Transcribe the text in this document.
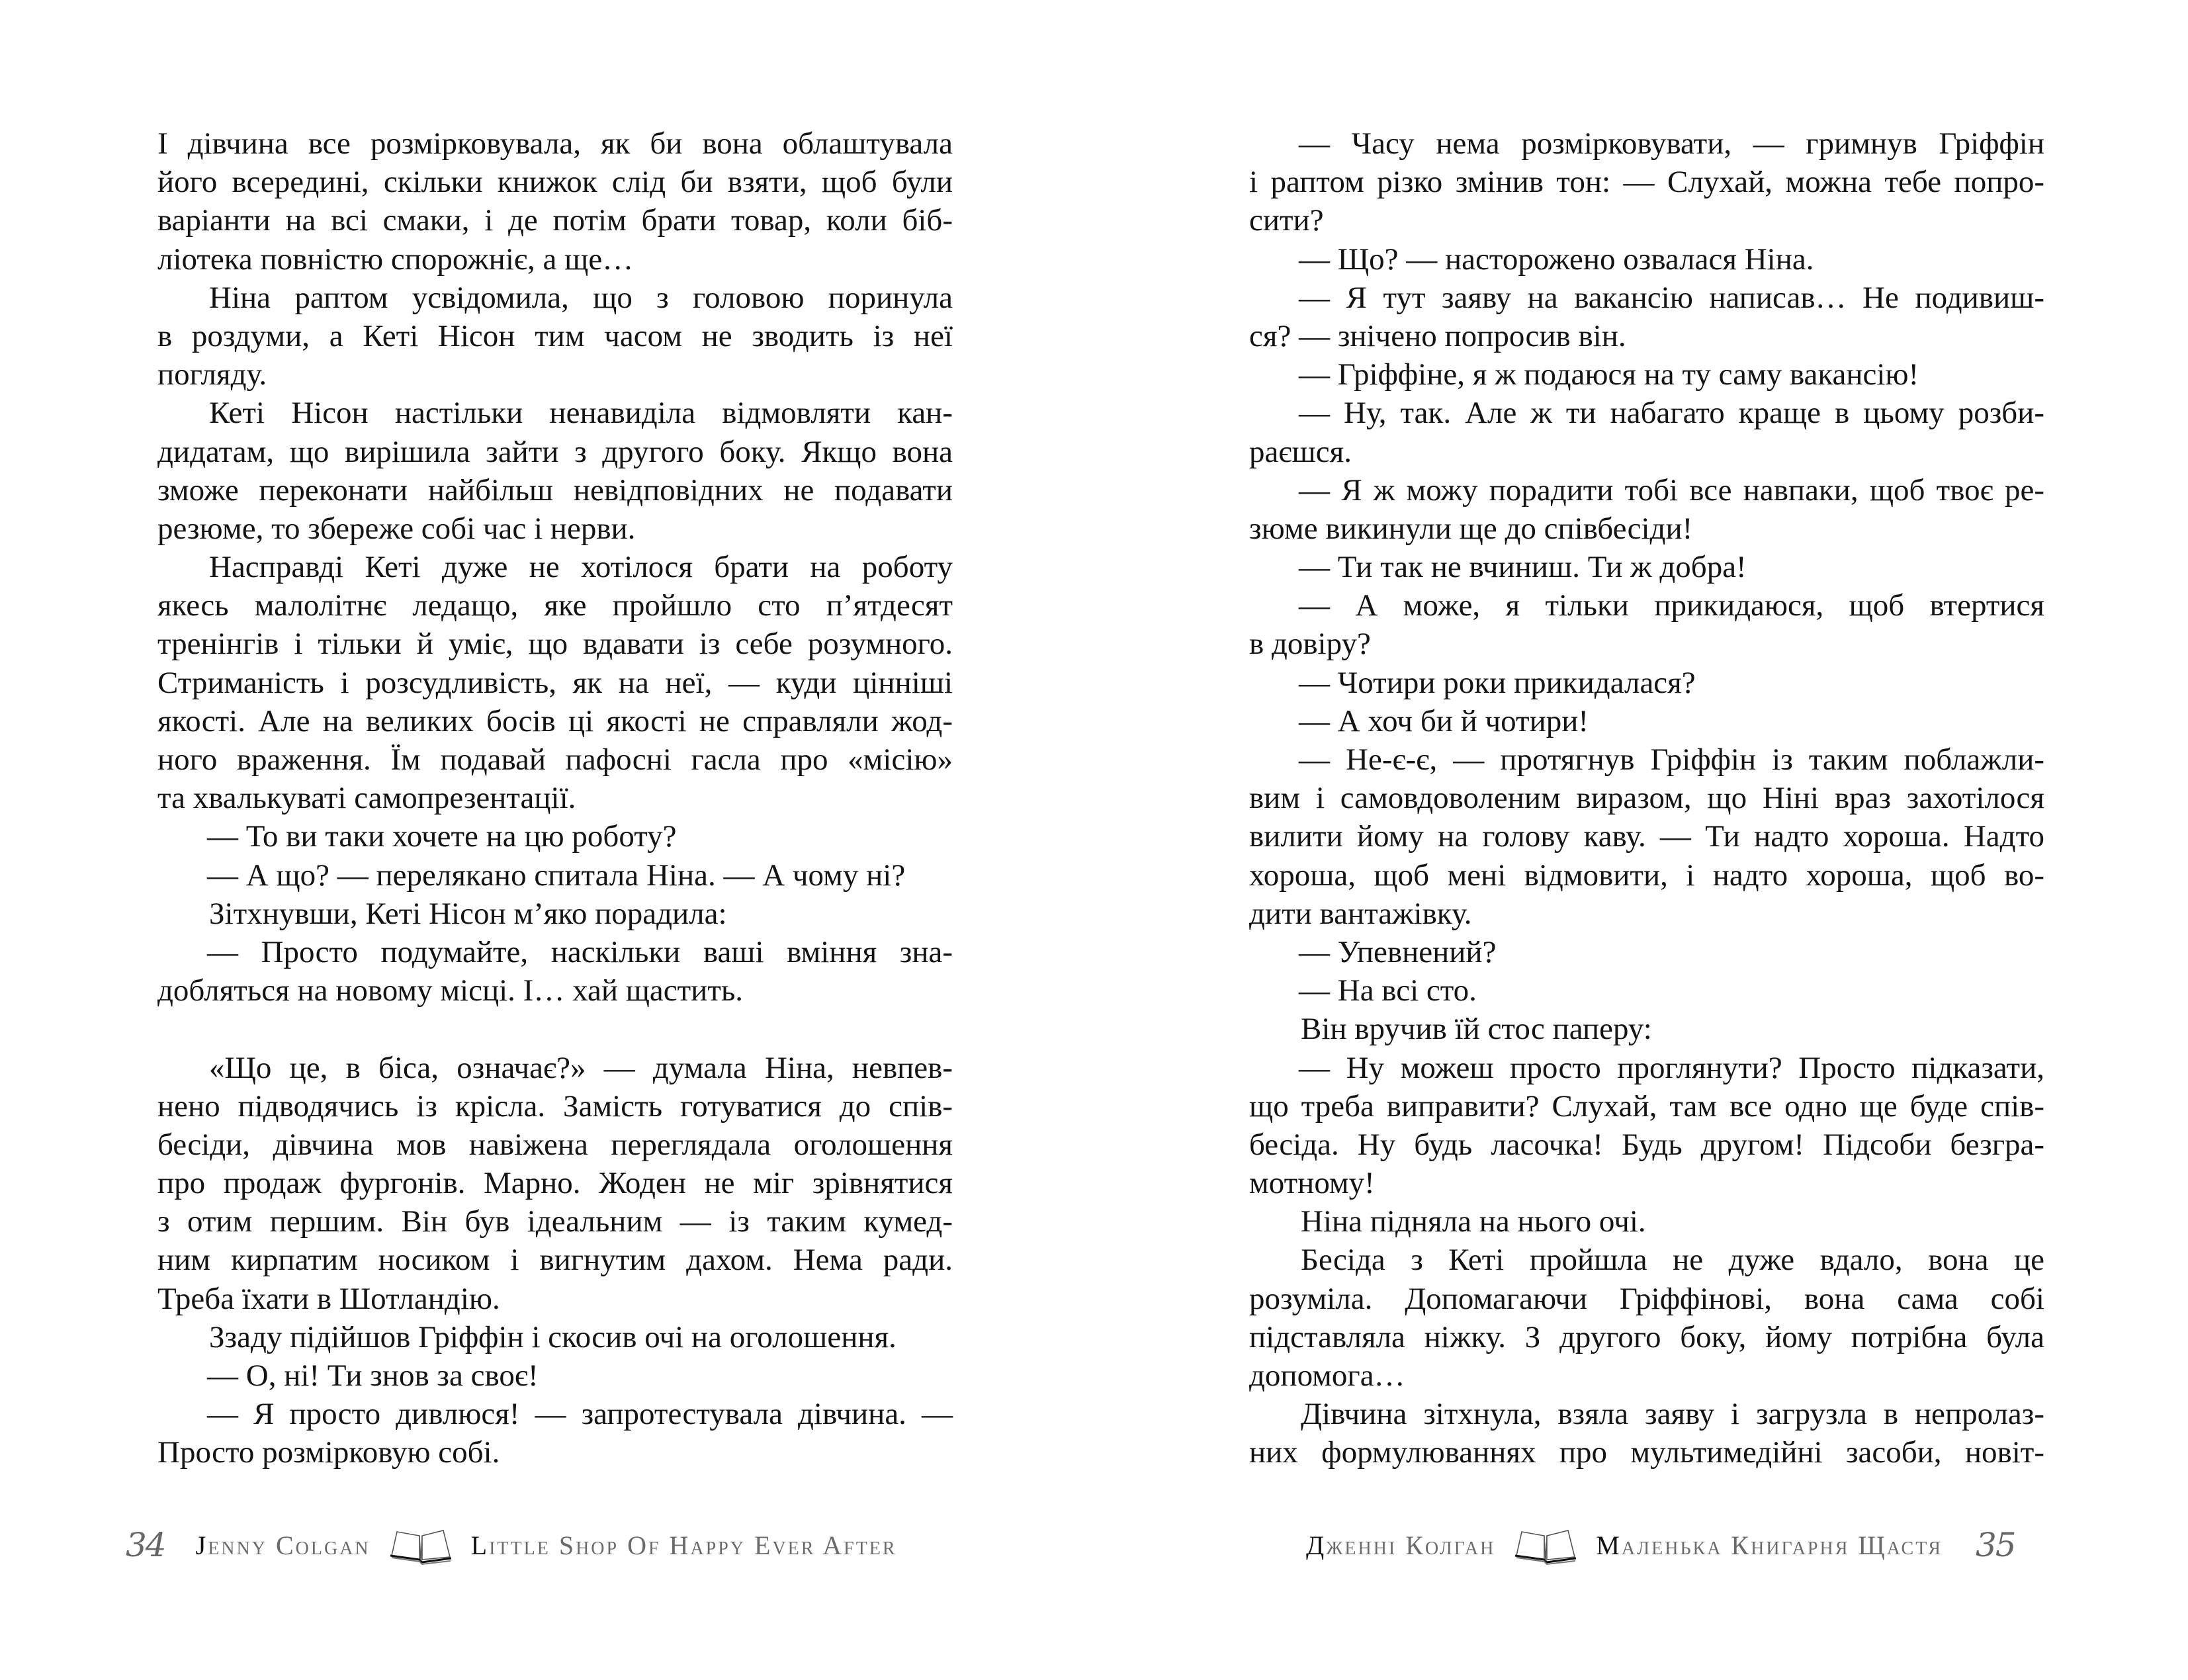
І дівчина все розмірковувала, як би вона облаштувала
його всередині, скільки книжок слід би взяти, щоб були
варіанти на всі смаки, і де потім брати товар, коли біб-
ліотека повністю спорожніє, а ще…
Ніна раптом усвідомила, що з головою поринула
в роздуми, а Кеті Нісон тим часом не зводить із неї
погляду.
Кеті Нісон настільки ненавиділа відмовляти кан-
дидатам, що вирішила зайти з другого боку. Якщо вона
зможе переконати найбільш невідповідних не подавати
резюме, то збереже собі час і нерви.
Насправді Кеті дуже не хотілося брати на роботу
якесь малолітнє ледащо, яке пройшло сто п’ятдесят
тренінгів і тільки й уміє, що вдавати із себе розумного.
Стриманість і розсудливість, як на неї, — куди цінніші
якості. Але на великих босів ці якості не справляли жод-
ного враження. Їм подавай пафосні гасла про «місію»
та хвалькуваті самопрезентації.
— То ви таки хочете на цю роботу?
— А що? — перелякано спитала Ніна. — А чому ні?
Зітхнувши, Кеті Нісон м’яко порадила:
— Просто подумайте, наскільки ваші вміння зна-
добляться на новому місці. І… хай щастить.
«Що це, в біса, означає?» — думала Ніна, невпев-
нено підводячись із крісла. Замість готуватися до спів-
бесіди, дівчина мов навіжена переглядала оголошення
про продаж фургонів. Марно. Жоден не міг зрівнятися
з отим першим. Він був ідеальним — із таким кумед-
ним кирпатим носиком і вигнутим дахом. Нема ради.
Треба їхати в Шотландію.
Ззаду підійшов Гріффін і скосив очі на оголошення.
— О, ні! Ти знов за своє!
— Я просто дивлюся! — запротестувала дівчина. —
Просто розмірковую собі.
34 Jenny Colgan	Little Shop Of Happy Ever After
— Часу нема розмірковувати, — гримнув Гріффін
і раптом різко змінив тон: — Слухай, можна тебе попро-
сити?
— Що? — насторожено озвалася Ніна.
— Я тут заяву на вакансію написав… Не подивиш-
ся? — знічено попросив він.
— Гріффіне, я ж подаюся на ту саму вакансію!
— Ну, так. Але ж ти набагато краще в цьому розби-
раєшся.
— Я ж можу порадити тобі все навпаки, щоб твоє ре-
зюме викинули ще до співбесіди!
— Ти так не вчиниш. Ти ж добра!
— А може, я тільки прикидаюся, щоб втертися
в довіру?
— Чотири роки прикидалася?
— А хоч би й чотири!
— Не-є-є, — протягнув Гріффін із таким поблажли-
вим і самовдоволеним виразом, що Ніні враз захотілося
вилити йому на голову каву. — Ти надто хороша. Надто
хороша, щоб мені відмовити, і надто хороша, щоб во-
дити вантажівку.
— Упевнений?
— На всі сто.
Він вручив їй стос паперу:
— Ну можеш просто проглянути? Просто підказати,
що треба виправити? Слухай, там все одно ще буде спів-
бесіда. Ну будь ласочка! Будь другом! Підсоби безгра-
мотному!
Ніна підняла на нього очі.
Бесіда з Кеті пройшла не дуже вдало, вона це
розуміла. Допомагаючи Гріффінові, вона сама собі
підставляла ніжку. З другого боку, йому потрібна була
допомога…
Дівчина зітхнула, взяла заяву і загрузла в непролаз-
них формулюваннях про мультимедійні засоби, новіт-
Дженні Колган	Маленька Книгарня Щастя 35
